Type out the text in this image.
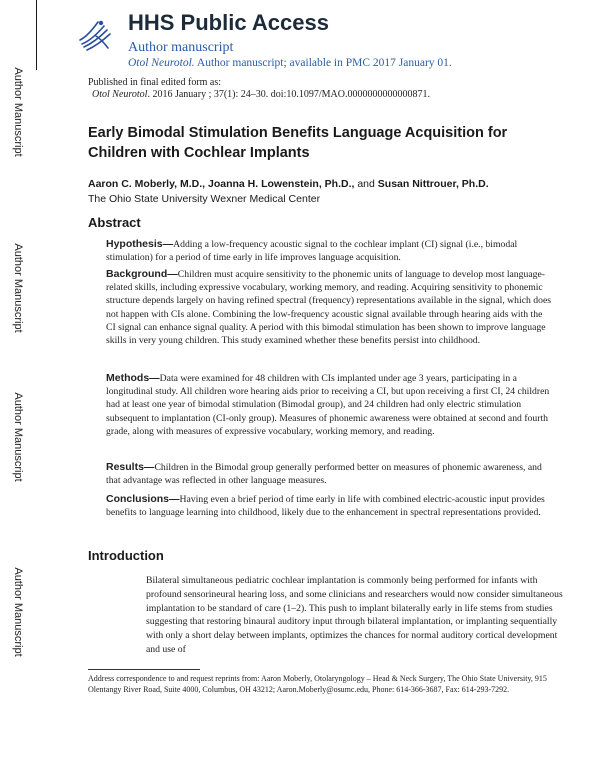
Author Manuscript
Author Manuscript
Author Manuscript
Author Manuscript
HHS Public Access
Author manuscript
Otol Neurotol. Author manuscript; available in PMC 2017 January 01.
Published in final edited form as:
Otol Neurotol. 2016 January ; 37(1): 24–30. doi:10.1097/MAO.0000000000000871.
Early Bimodal Stimulation Benefits Language Acquisition for Children with Cochlear Implants
Aaron C. Moberly, M.D., Joanna H. Lowenstein, Ph.D., and Susan Nittrouer, Ph.D.
The Ohio State University Wexner Medical Center
Abstract
Hypothesis—Adding a low-frequency acoustic signal to the cochlear implant (CI) signal (i.e., bimodal stimulation) for a period of time early in life improves language acquisition.
Background—Children must acquire sensitivity to the phonemic units of language to develop most language-related skills, including expressive vocabulary, working memory, and reading. Acquiring sensitivity to phonemic structure depends largely on having refined spectral (frequency) representations available in the signal, which does not happen with CIs alone. Combining the low-frequency acoustic signal available through hearing aids with the CI signal can enhance signal quality. A period with this bimodal stimulation has been shown to improve language skills in very young children. This study examined whether these benefits persist into childhood.
Methods—Data were examined for 48 children with CIs implanted under age 3 years, participating in a longitudinal study. All children wore hearing aids prior to receiving a CI, but upon receiving a first CI, 24 children had at least one year of bimodal stimulation (Bimodal group), and 24 children had only electric stimulation subsequent to implantation (CI-only group). Measures of phonemic awareness were obtained at second and fourth grade, along with measures of expressive vocabulary, working memory, and reading.
Results—Children in the Bimodal group generally performed better on measures of phonemic awareness, and that advantage was reflected in other language measures.
Conclusions—Having even a brief period of time early in life with combined electric-acoustic input provides benefits to language learning into childhood, likely due to the enhancement in spectral representations provided.
Introduction
Bilateral simultaneous pediatric cochlear implantation is commonly being performed for infants with profound sensorineural hearing loss, and some clinicians and researchers would now consider simultaneous implantation to be standard of care (1–2). This push to implant bilaterally early in life stems from studies suggesting that restoring binaural auditory input through bilateral implantation, or implanting sequentially with only a short delay between implants, optimizes the chances for normal auditory cortical development and use of
Address correspondence to and request reprints from: Aaron Moberly, Otolaryngology – Head & Neck Surgery, The Ohio State University, 915 Olentangy River Road, Suite 4000, Columbus, OH 43212; Aaron.Moberly@osumc.edu, Phone: 614-366-3687, Fax: 614-293-7292.
